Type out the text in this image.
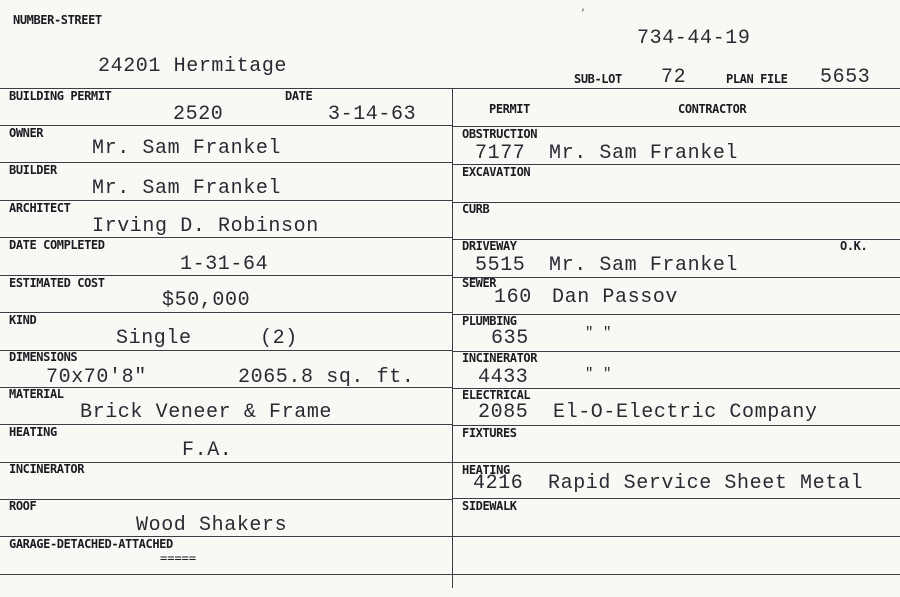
,
NUMBER-STREET
24201 Hermitage
734-44-19
SUB-LOT 72	PLAN FILE 5653
BUILDING PERMIT
2520
DATE
3-14-63
OWNER
Mr. Sam Frankel
BUILDER
Mr. Sam Frankel
ARCHITECT
Irving D. Robinson
DATE COMPLETED
1-31-64
ESTIMATED COST
$50,000
KIND
Single	(2)
DIMENSIONS
70x70'8"	2065.8 sq. ft.
MATERIAL
Brick Veneer & Frame
HEATING
F.A.
INCINERATOR
ROOF
Wood Shakers
GARAGE-DETACHED-ATTACHED
=====
PERMIT	CONTRACTOR
OBSTRUCTION
7177 Mr. Sam Frankel
EXCAVATION
CURB
DRIVEWAY	O.K.
5515 Mr. Sam Frankel
SEWER
160 Dan Passov
PLUMBING
635	" "
INCINERATOR
4433	" "
ELECTRICAL
2085 El-O-Electric Company
FIXTURES
HEATING
4216 Rapid Service Sheet Metal
SIDEWALK
